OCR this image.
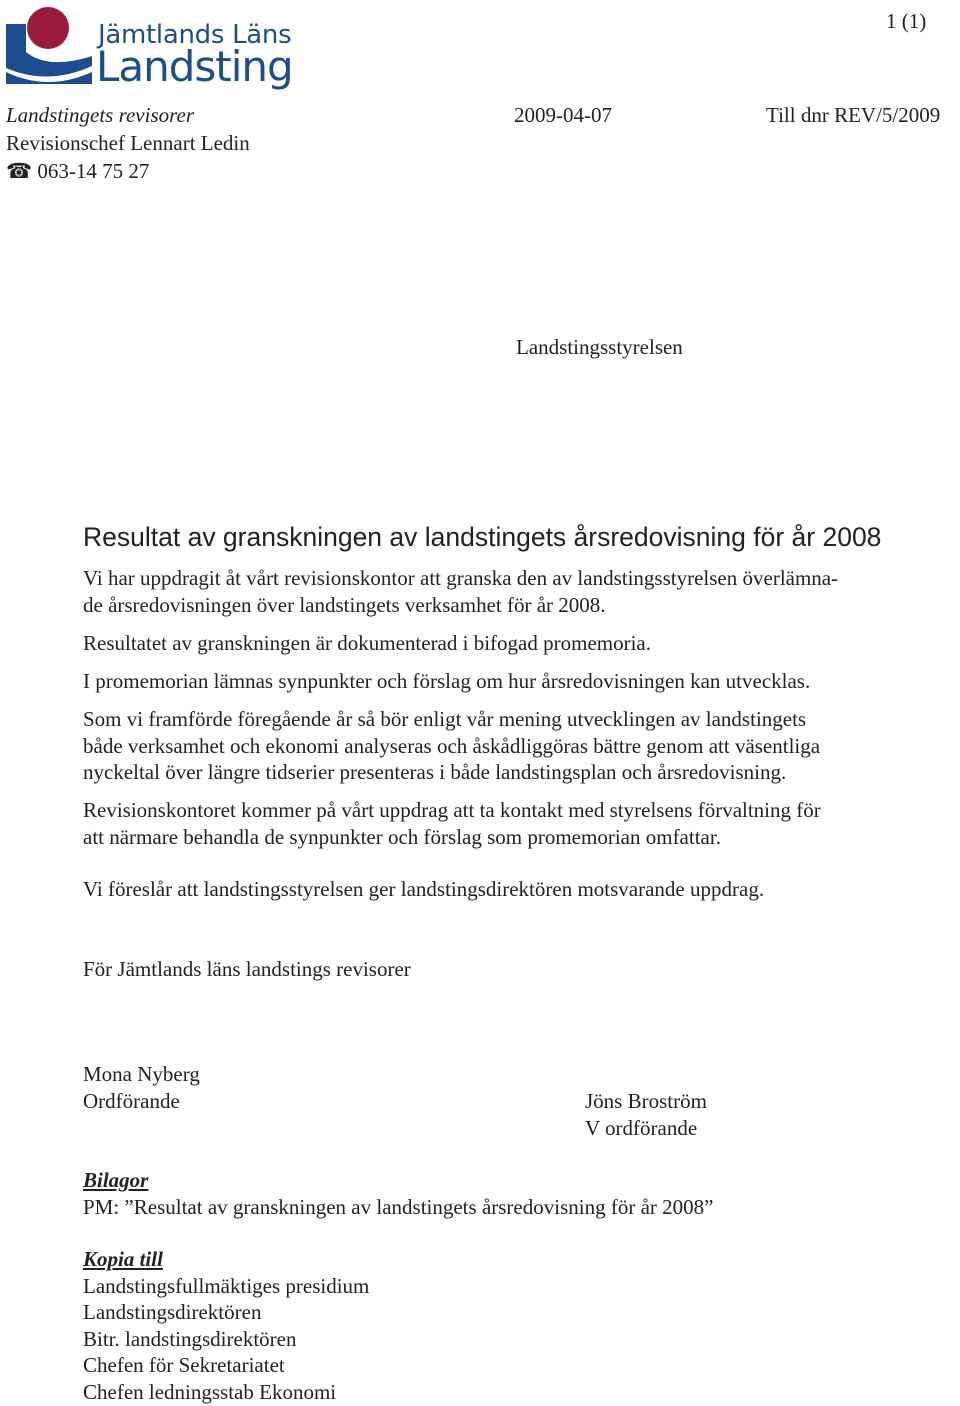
Jämtlands Läns
Landsting
1 (1)
Landstingets revisorer
Revisionschef Lennart Ledin
☎ 063-14 75 27
2009-04-07	Till dnr REV/5/2009
Landstingsstyrelsen
Resultat av granskningen av landstingets årsredovisning för år 2008
Vi har uppdragit åt vårt revisionskontor att granska den av landstingsstyrelsen överlämna-
de årsredovisningen över landstingets verksamhet för år 2008.
Resultatet av granskningen är dokumenterad i bifogad promemoria.
I promemorian lämnas synpunkter och förslag om hur årsredovisningen kan utvecklas.
Som vi framförde föregående år så bör enligt vår mening utvecklingen av landstingets
både verksamhet och ekonomi analyseras och åskådliggöras bättre genom att väsentliga
nyckeltal över längre tidserier presenteras i både landstingsplan och årsredovisning.
Revisionskontoret kommer på vårt uppdrag att ta kontakt med styrelsens förvaltning för
att närmare behandla de synpunkter och förslag som promemorian omfattar.
Vi föreslår att landstingsstyrelsen ger landstingsdirektören motsvarande uppdrag.
För Jämtlands läns landstings revisorer
Mona Nyberg
Ordförande	Jöns Broström
V ordförande
Bilagor
PM: ”Resultat av granskningen av landstingets årsredovisning för år 2008”
Kopia till
Landstingsfullmäktiges presidium
Landstingsdirektören
Bitr. landstingsdirektören
Chefen för Sekretariatet
Chefen ledningsstab Ekonomi
